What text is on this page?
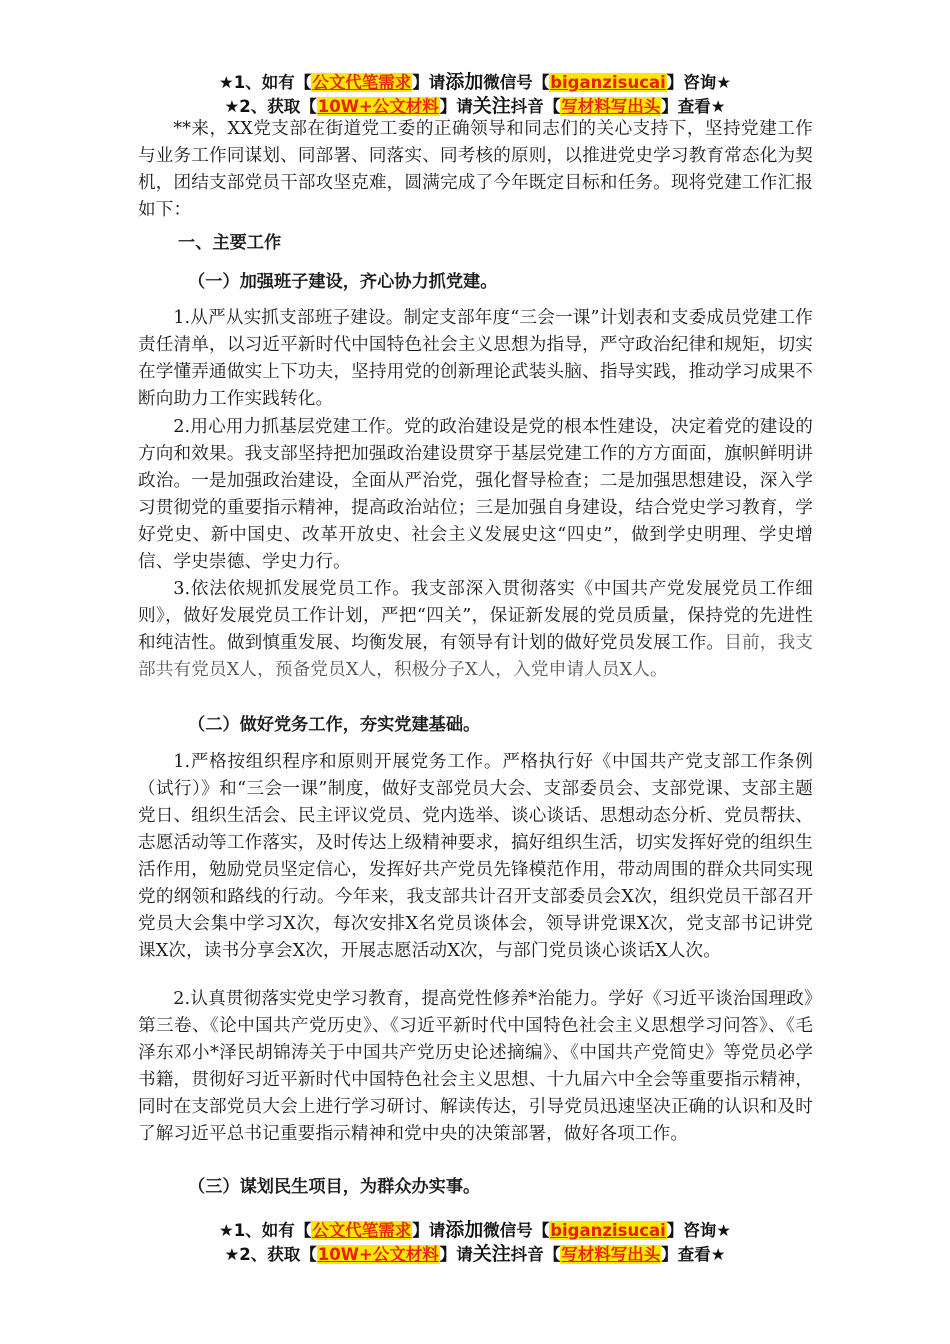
★1、如有【公文代笔需求】请添加微信号【biganzisucai】咨询★
★2、获取【10W+公文材料】请关注抖音【写材料写出头】查看★

**来，XX党支部在街道党工委的正确领导和同志们的关心支持下，坚持党建工作与业务工作同谋划、同部署、同落实、同考核的原则，以推进党史学习教育常态化为契机，团结支部党员干部攻坚克难，圆满完成了今年既定目标和任务。现将党建工作汇报如下：

一、主要工作
（一）加强班子建设，齐心协力抓党建。

1.从严从实抓支部班子建设。制定支部年度“三会一课”计划表和支委成员党建工作责任清单，以习近平新时代中国特色社会主义思想为指导，严守政治纪律和规矩，切实在学懂弄通做实上下功夫，坚持用党的创新理论武装头脑、指导实践，推动学习成果不断向助力工作实践转化。

2.用心用力抓基层党建工作。党的政治建设是党的根本性建设，决定着党的建设的方向和效果。我支部坚持把加强政治建设贯穿于基层党建工作的方方面面，旗帜鲜明讲政治。一是加强政治建设，全面从严治党，强化督导检查；二是加强思想建设，深入学习贯彻党的重要指示精神，提高政治站位；三是加强自身建设，结合党史学习教育，学好党史、新中国史、改革开放史、社会主义发展史这“四史”，做到学史明理、学史增信、学史崇德、学史力行。

3.依法依规抓发展党员工作。我支部深入贯彻落实《中国共产党发展党员工作细则》，做好发展党员工作计划，严把“四关”，保证新发展的党员质量，保持党的先进性和纯洁性。做到慎重发展、均衡发展，有领导有计划的做好党员发展工作。目前，我支部共有党员X人，预备党员X人，积极分子X人，入党申请人员X人。

（二）做好党务工作，夯实党建基础。

1.严格按组织程序和原则开展党务工作。严格执行好《中国共产党支部工作条例（试行）》和“三会一课”制度，做好支部党员大会、支部委员会、支部党课、支部主题党日、组织生活会、民主评议党员、党内选举、谈心谈话、思想动态分析、党员帮扶、志愿活动等工作落实，及时传达上级精神要求，搞好组织生活，切实发挥好党的组织生活作用，勉励党员坚定信心，发挥好共产党员先锋模范作用，带动周围的群众共同实现党的纲领和路线的行动。今年来，我支部共计召开支部委员会X次，组织党员干部召开党员大会集中学习X次，每次安排X名党员谈体会，领导讲党课X次，党支部书记讲党课X次，读书分享会X次，开展志愿活动X次，与部门党员谈心谈话X人次。

2.认真贯彻落实党史学习教育，提高党性修养*治能力。学好《习近平谈治国理政》第三卷、《论中国共产党历史》、《习近平新时代中国特色社会主义思想学习问答》、《毛泽东邓小*泽民胡锦涛关于中国共产党历史论述摘编》、《中国共产党简史》等党员必学书籍，贯彻好习近平新时代中国特色社会主义思想、十九届六中全会等重要指示精神，同时在支部党员大会上进行学习研讨、解读传达，引导党员迅速坚决正确的认识和及时了解习近平总书记重要指示精神和党中央的决策部署，做好各项工作。

（三）谋划民生项目，为群众办实事。
★1、如有【公文代笔需求】请添加微信号【biganzisucai】咨询★
★2、获取【10W+公文材料】请关注抖音【写材料写出头】查看★
